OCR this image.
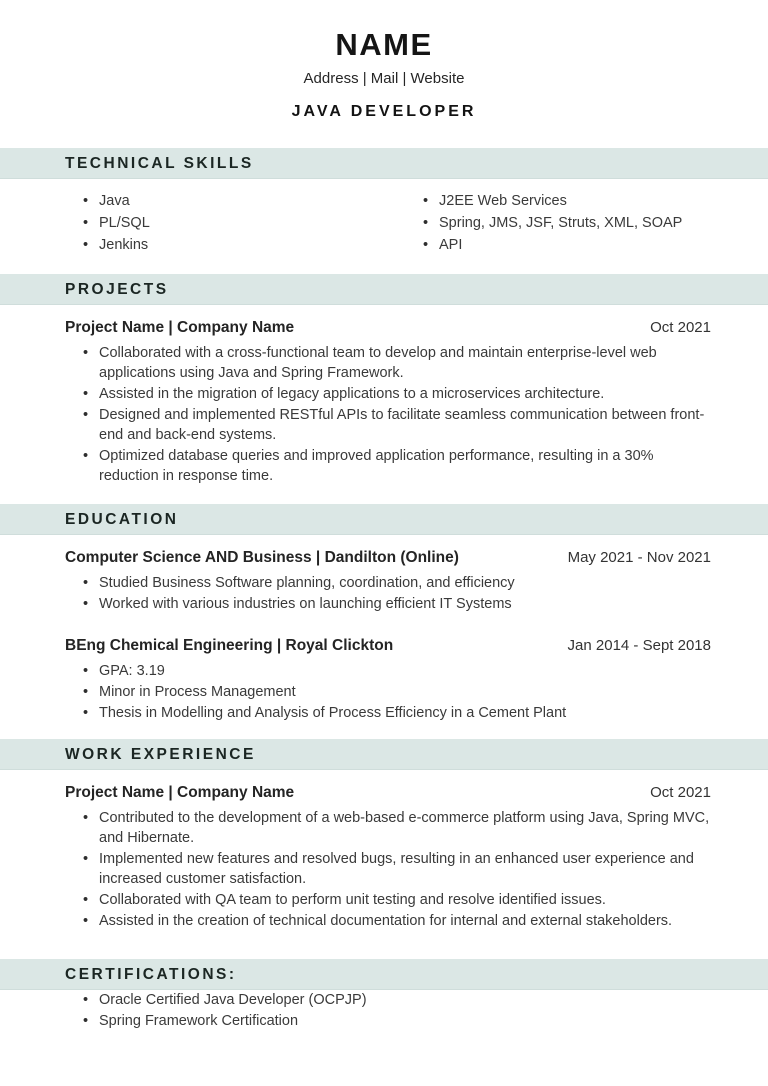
NAME
Address | Mail | Website
JAVA DEVELOPER
TECHNICAL SKILLS
• Java
• PL/SQL
• Jenkins
• J2EE Web Services
• Spring, JMS, JSF, Struts, XML, SOAP
• API
PROJECTS
Project Name | Company Name	Oct 2021
• Collaborated with a cross-functional team to develop and maintain enterprise-level web applications using Java and Spring Framework.
• Assisted in the migration of legacy applications to a microservices architecture.
• Designed and implemented RESTful APIs to facilitate seamless communication between front-end and back-end systems.
• Optimized database queries and improved application performance, resulting in a 30% reduction in response time.
EDUCATION
Computer Science AND Business | Dandilton (Online)	May 2021 - Nov 2021
• Studied Business Software planning, coordination, and efficiency
• Worked with various industries on launching efficient IT Systems
BEng Chemical Engineering | Royal Clickton	Jan 2014 - Sept 2018
• GPA: 3.19
• Minor in Process Management
• Thesis in Modelling and Analysis of Process Efficiency in a Cement Plant
WORK EXPERIENCE
Project Name | Company Name	Oct 2021
• Contributed to the development of a web-based e-commerce platform using Java, Spring MVC, and Hibernate.
• Implemented new features and resolved bugs, resulting in an enhanced user experience and increased customer satisfaction.
• Collaborated with QA team to perform unit testing and resolve identified issues.
• Assisted in the creation of technical documentation for internal and external stakeholders.
CERTIFICATIONS:
• Oracle Certified Java Developer (OCPJP)
• Spring Framework Certification
